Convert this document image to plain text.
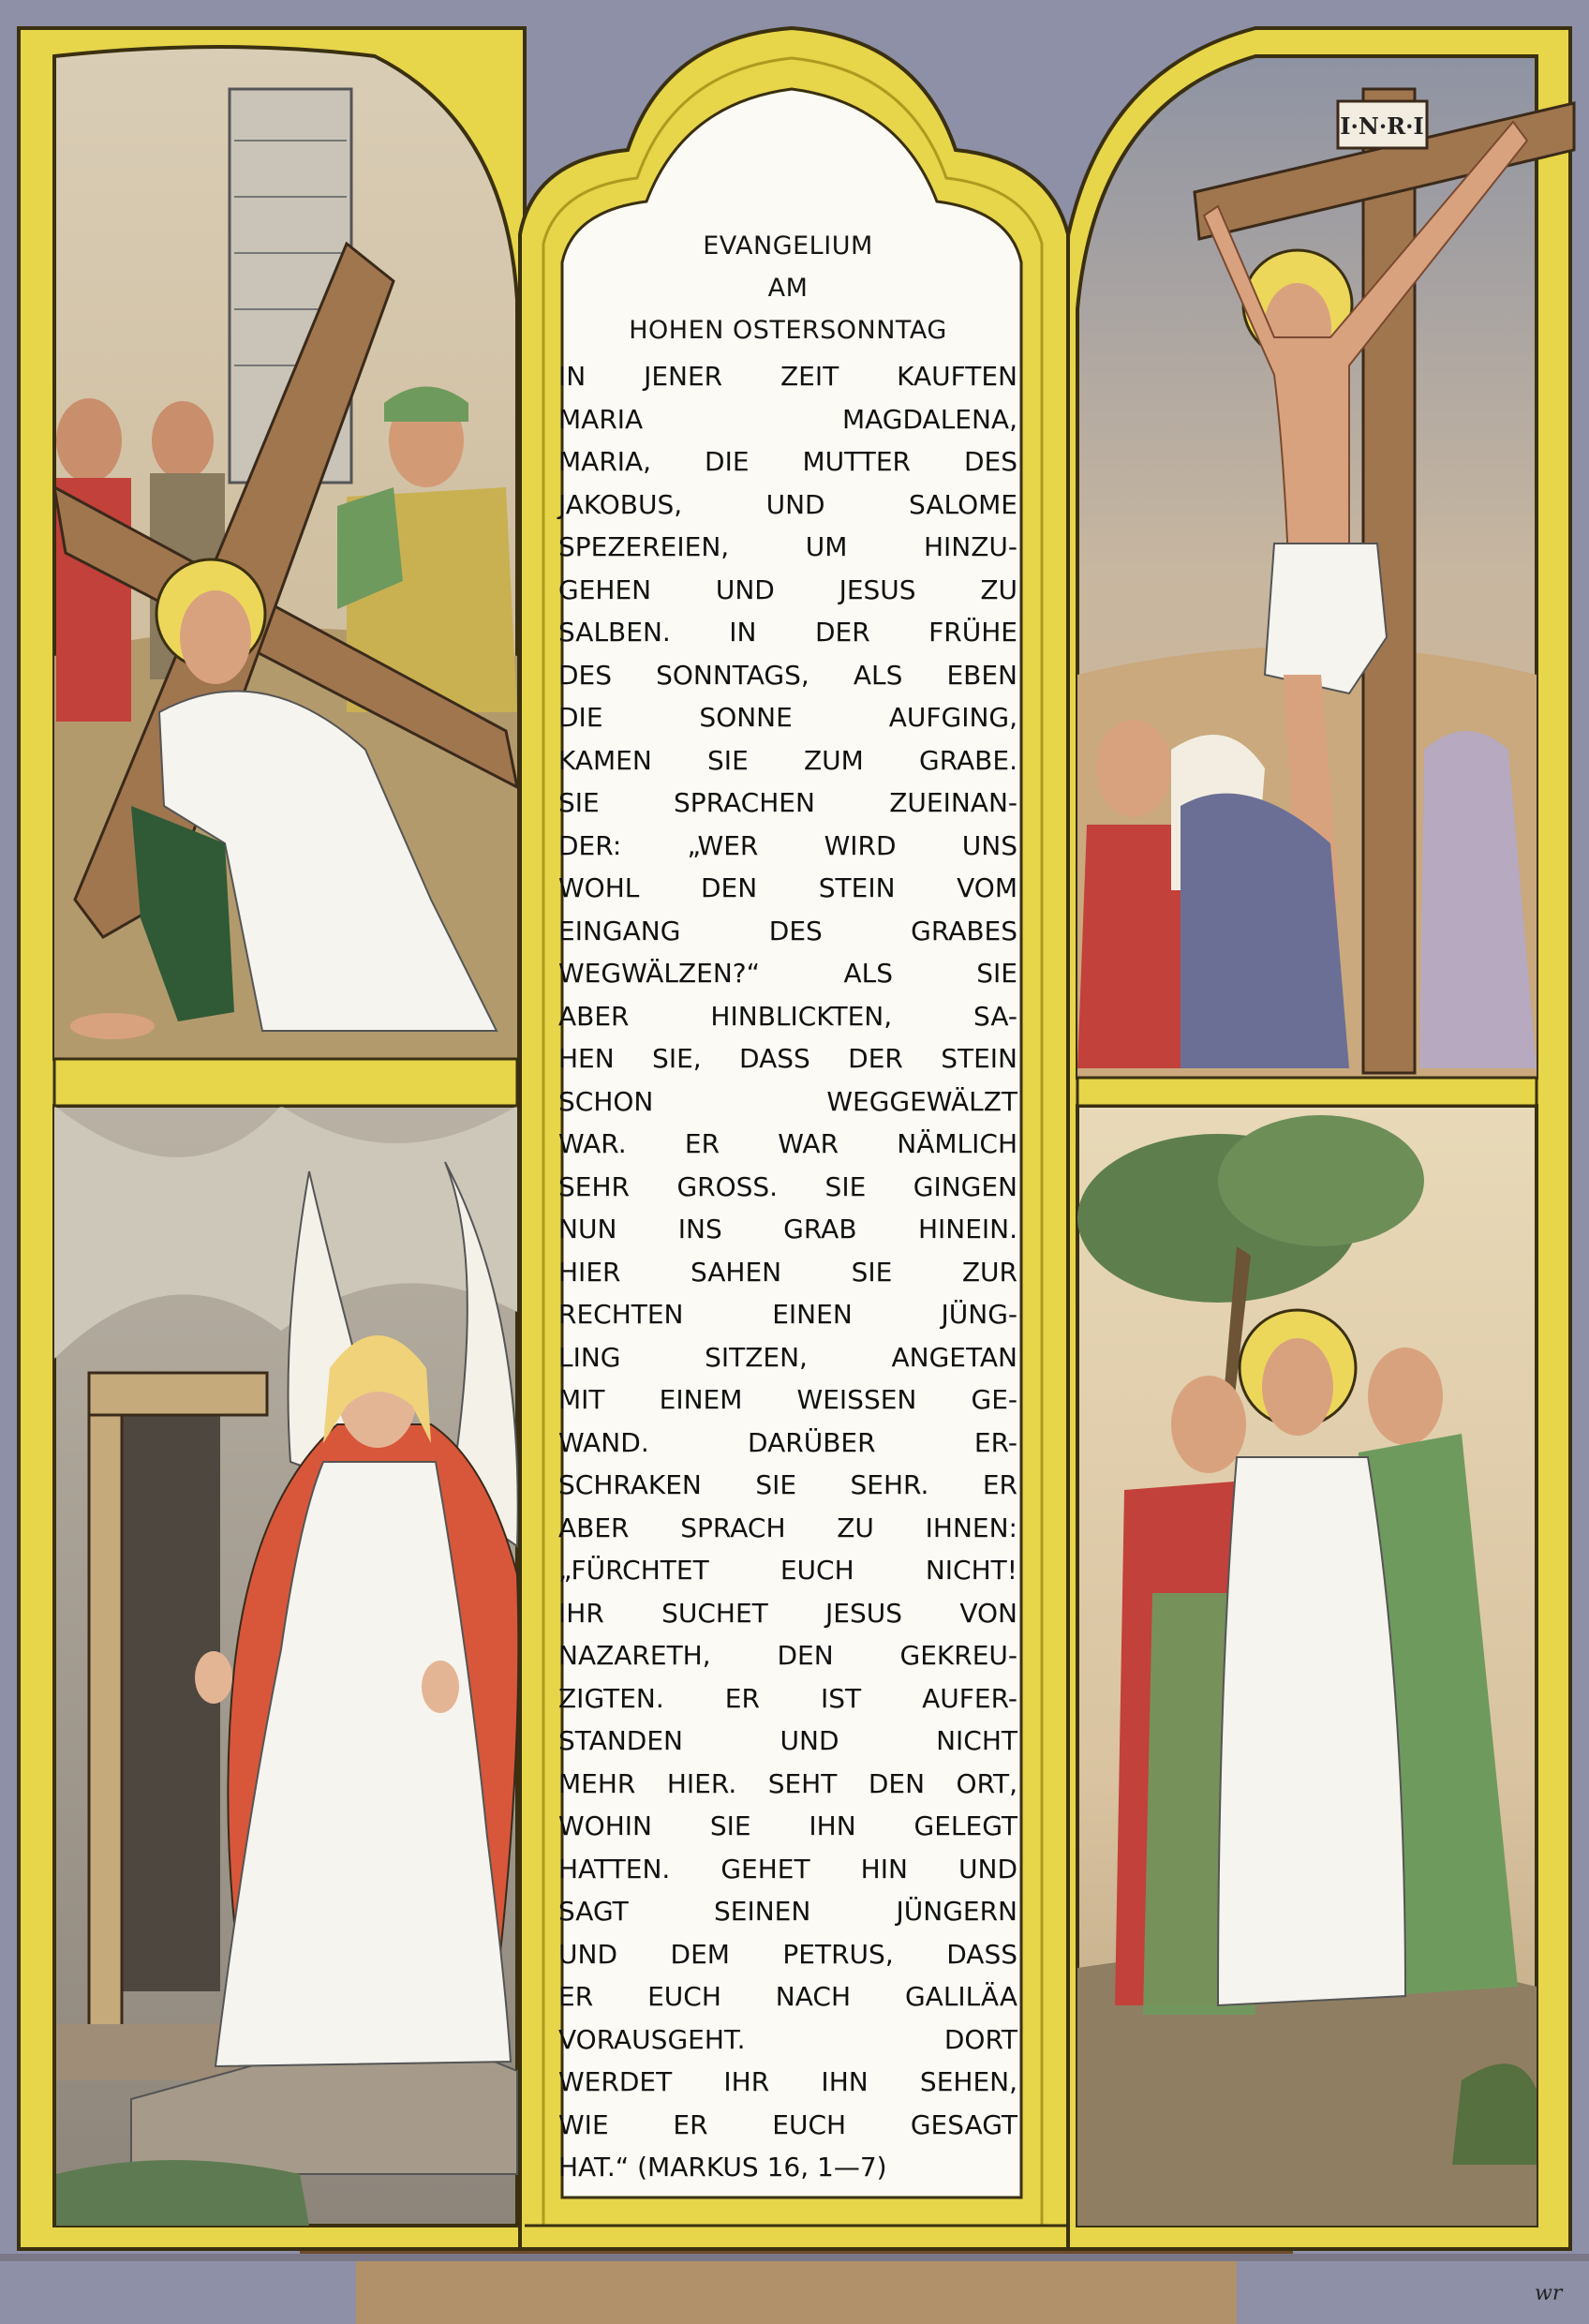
I·N·R·I
EVANGELIUM
AM
HOHEN OSTERSONNTAG
IN JENER ZEIT KAUFTEN
MARIA MAGDALENA,
MARIA, DIE MUTTER DES
JAKOBUS, UND SALOME
SPEZEREIEN, UM HINZU-
GEHEN UND JESUS ZU
SALBEN. IN DER FRÜHE
DES SONNTAGS, ALS EBEN
DIE SONNE AUFGING,
KAMEN SIE ZUM GRABE.
SIE SPRACHEN ZUEINAN-
DER: „WER WIRD UNS
WOHL DEN STEIN VOM
EINGANG DES GRABES
WEGWÄLZEN?“ ALS SIE
ABER HINBLICKTEN, SA-
HEN SIE, DASS DER STEIN
SCHON WEGGEWÄLZT
WAR. ER WAR NÄMLICH
SEHR GROSS. SIE GINGEN
NUN INS GRAB HINEIN.
HIER SAHEN SIE ZUR
RECHTEN EINEN JÜNG-
LING SITZEN, ANGETAN
MIT EINEM WEISSEN GE-
WAND. DARÜBER ER-
SCHRAKEN SIE SEHR. ER
ABER SPRACH ZU IHNEN:
„FÜRCHTET EUCH NICHT!
IHR SUCHET JESUS VON
NAZARETH, DEN GEKREU-
ZIGTEN. ER IST AUFER-
STANDEN UND NICHT
MEHR HIER. SEHT DEN ORT,
WOHIN SIE IHN GELEGT
HATTEN. GEHET HIN UND
SAGT SEINEN JÜNGERN
UND DEM PETRUS, DASS
ER EUCH NACH GALILÄA
VORAUSGEHT. DORT
WERDET IHR IHN SEHEN,
WIE ER EUCH GESAGT
HAT.“ (MARKUS 16, 1—7)
wr
